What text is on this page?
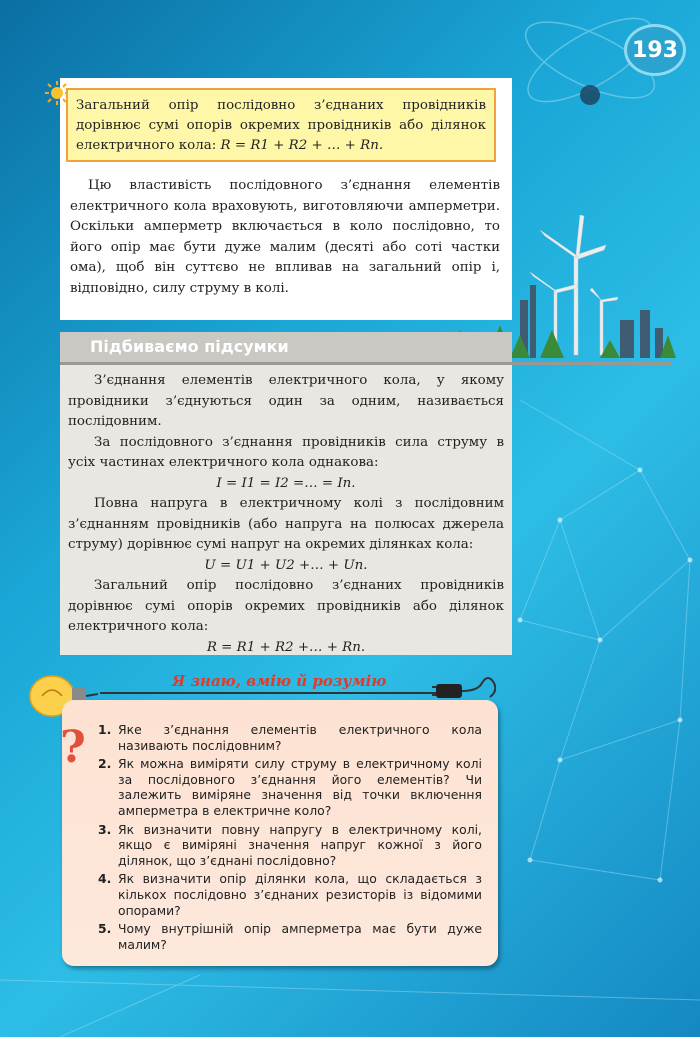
193
Загальний опір послідовно з’єднаних провідників дорівнює сумі опорів окремих провідників або ділянок електричного кола: R = R1 + R2 + … + Rn.

Цю властивість послідовного з’єднання елементів електричного кола враховують, виготовляючи амперметри. Оскільки амперметр включається в коло послідовно, то його опір має бути дуже малим (десяті або соті частки ома), щоб він суттєво не впливав на загальний опір і, відповідно, силу струму в колі.

Підбиваємо підсумки

З’єднання елементів електричного кола, у якому провідники з’єднуються один за одним, називається послідовним.

За послідовного з’єднання провідників сила струму в усіх частинах електричного кола однакова:

I = I1 = I2 =… = In.

Повна напруга в електричному колі з послідовним з’єднанням провідників (або напруга на полюсах джерела струму) дорівнює сумі напруг на окремих ділянках кола:

U = U1 + U2 +… + Un.

Загальний опір послідовно з’єднаних провідників дорівнює сумі опорів окремих провідників або ділянок електричного кола:

R = R1 + R2 +… + Rn.

Я знаю, вмію й розумію
? 1. Яке з’єднання елементів електричного кола називають послідовним?
2. Як можна виміряти силу струму в електричному колі за послідовного з’єднання його елементів? Чи залежить виміряне значення від точки включення амперметра в електричне коло?
3. Як визначити повну напругу в електричному колі, якщо є виміряні значення напруг кожної з його ділянок, що з’єднані послідовно?
4. Як визначити опір ділянки кола, що складається з кількох послідовно з’єднаних резисторів із відомими опорами?
5. Чому внутрішній опір амперметра має бути дуже малим?
